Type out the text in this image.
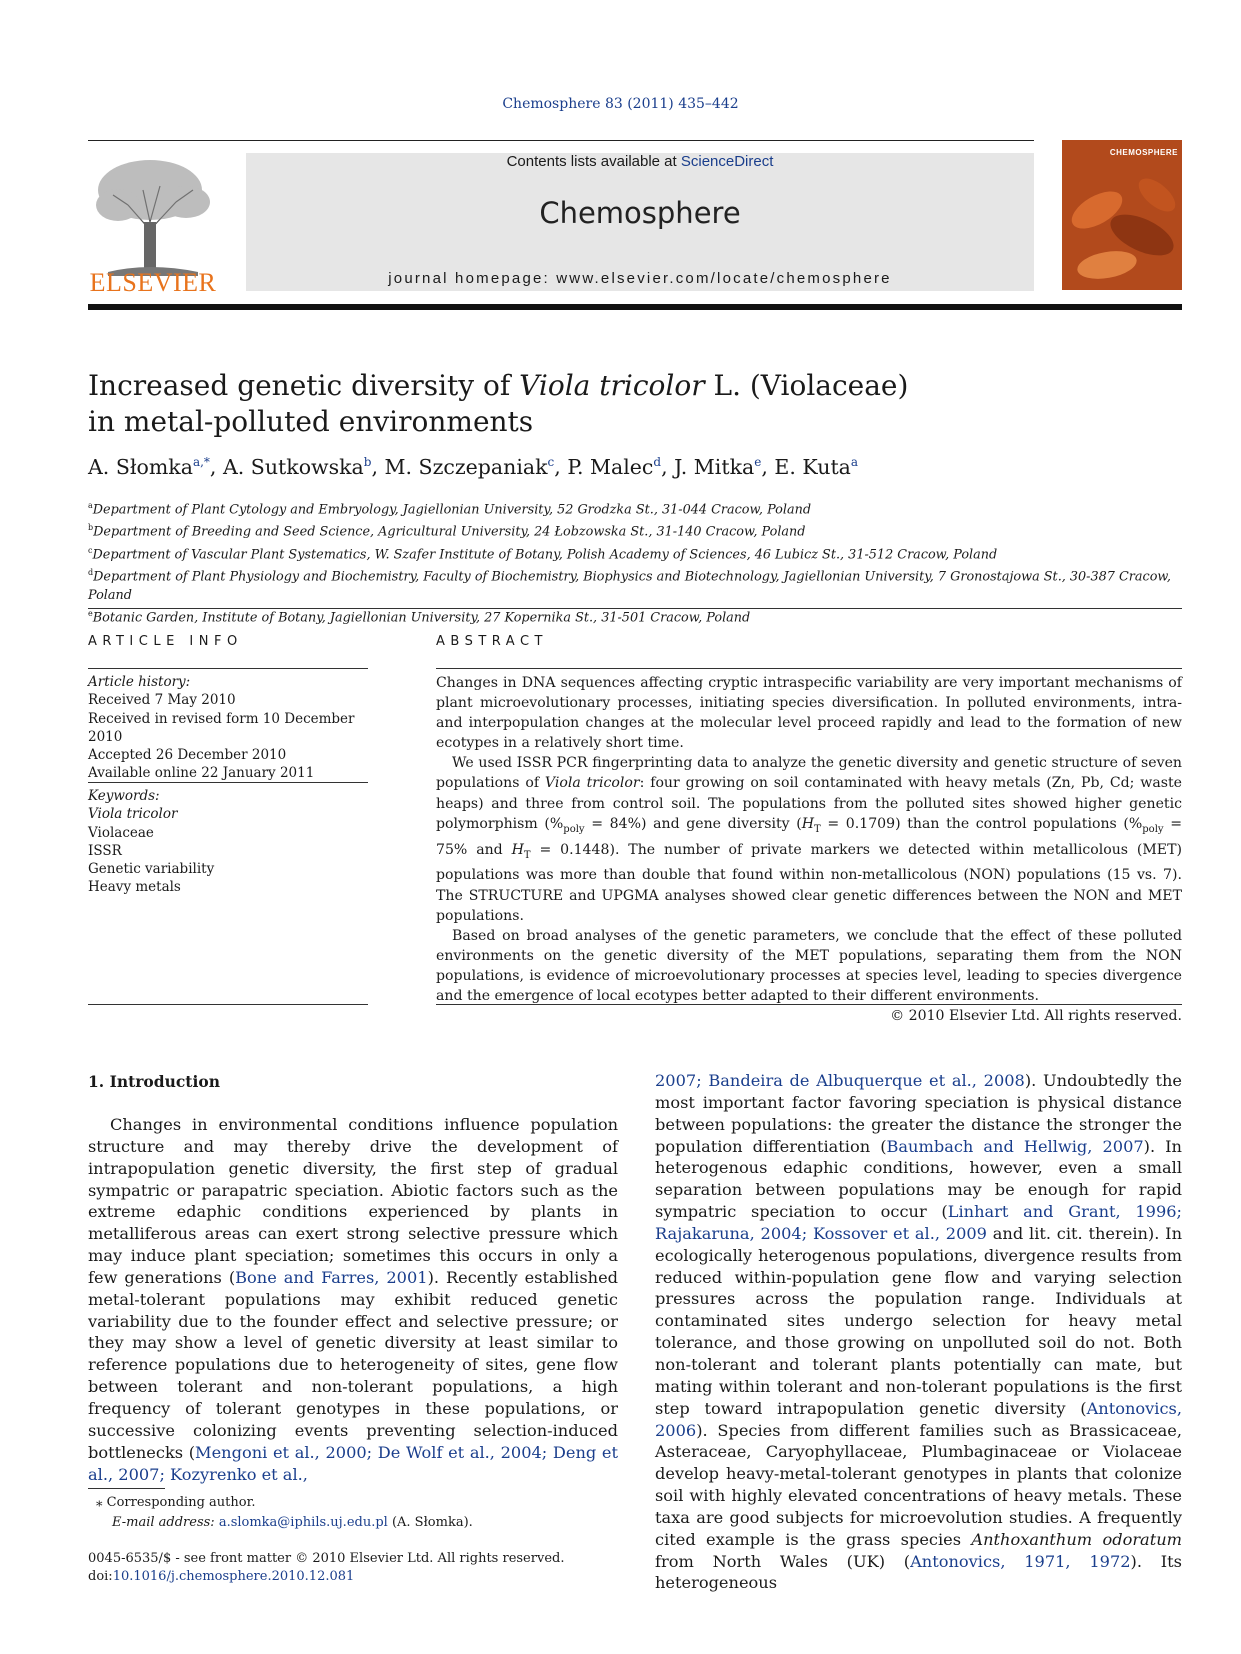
Chemosphere 83 (2011) 435–442
ELSEVIER
Contents lists available at ScienceDirect
Chemosphere
journal homepage: www.elsevier.com/locate/chemosphere
CHEMOSPHERE
Increased genetic diversity of Viola tricolor L. (Violaceae)
in metal-polluted environments
A. Słomka$^{a,*}$, A. Sutkowska$^b$, M. Szczepaniak$^c$, P. Malec$^d$, J. Mitka$^e$, E. Kuta$^a$
$^a$Department of Plant Cytology and Embryology, Jagiellonian University, 52 Grodzka St., 31-044 Cracow, Poland
$^b$Department of Breeding and Seed Science, Agricultural University, 24 Łobzowska St., 31-140 Cracow, Poland
$^c$Department of Vascular Plant Systematics, W. Szafer Institute of Botany, Polish Academy of Sciences, 46 Lubicz St., 31-512 Cracow, Poland
$^d$Department of Plant Physiology and Biochemistry, Faculty of Biochemistry, Biophysics and Biotechnology, Jagiellonian University, 7 Gronostajowa St., 30-387 Cracow, Poland
$^e$Botanic Garden, Institute of Botany, Jagiellonian University, 27 Kopernika St., 31-501 Cracow, Poland
ARTICLE INFO
Article history:
Received 7 May 2010
Received in revised form 10 December 2010
Accepted 26 December 2010
Available online 22 January 2011
Keywords:
Viola tricolor
Violaceae
ISSR
Genetic variability
Heavy metals
ABSTRACT

Changes in DNA sequences affecting cryptic intraspecific variability are very important mechanisms of plant microevolutionary processes, initiating species diversification. In polluted environments, intra- and interpopulation changes at the molecular level proceed rapidly and lead to the formation of new ecotypes in a relatively short time.

We used ISSR PCR fingerprinting data to analyze the genetic diversity and genetic structure of seven populations of Viola tricolor: four growing on soil contaminated with heavy metals (Zn, Pb, Cd; waste heaps) and three from control soil. The populations from the polluted sites showed higher genetic polymorphism $(\%_{poly} = 84\%)$ and gene diversity $(H_T = 0.1709)$ than the control populations ($\%_{poly} = 75\%$ and $H_T = 0.1448$). The number of private markers we detected within metallicolous (MET) populations was more than double that found within non-metallicolous (NON) populations (15 vs. 7). The STRUCTURE and UPGMA analyses showed clear genetic differences between the NON and MET populations.

Based on broad analyses of the genetic parameters, we conclude that the effect of these polluted environments on the genetic diversity of the MET populations, separating them from the NON populations, is evidence of microevolutionary processes at species level, leading to species divergence and the emergence of local ecotypes better adapted to their different environments.

© 2010 Elsevier Ltd. All rights reserved.

1. Introduction

Changes in environmental conditions influence population structure and may thereby drive the development of intrapopulation genetic diversity, the first step of gradual sympatric or parapatric speciation. Abiotic factors such as the extreme edaphic conditions experienced by plants in metalliferous areas can exert strong selective pressure which may induce plant speciation; sometimes this occurs in only a few generations (Bone and Farres, 2001). Recently established metal-tolerant populations may exhibit reduced genetic variability due to the founder effect and selective pressure; or they may show a level of genetic diversity at least similar to reference populations due to heterogeneity of sites, gene flow between tolerant and non-tolerant populations, a high frequency of tolerant genotypes in these populations, or successive colonizing events preventing selection-induced bottlenecks (Mengoni et al., 2000; De Wolf et al., 2004; Deng et al., 2007; Kozyrenko et al.,

2007; Bandeira de Albuquerque et al., 2008). Undoubtedly the most important factor favoring speciation is physical distance between populations: the greater the distance the stronger the population differentiation (Baumbach and Hellwig, 2007). In heterogenous edaphic conditions, however, even a small separation between populations may be enough for rapid sympatric speciation to occur (Linhart and Grant, 1996; Rajakaruna, 2004; Kossover et al., 2009 and lit. cit. therein). In ecologically heterogenous populations, divergence results from reduced within-population gene flow and varying selection pressures across the population range. Individuals at contaminated sites undergo selection for heavy metal tolerance, and those growing on unpolluted soil do not. Both non-tolerant and tolerant plants potentially can mate, but mating within tolerant and non-tolerant populations is the first step toward intrapopulation genetic diversity (Antonovics, 2006). Species from different families such as Brassicaceae, Asteraceae, Caryophyllaceae, Plumbaginaceae or Violaceae develop heavy-metal-tolerant genotypes in plants that colonize soil with highly elevated concentrations of heavy metals. These taxa are good subjects for microevolution studies. A frequently cited example is the grass species Anthoxanthum odoratum from North Wales (UK) (Antonovics, 1971, 1972). Its heterogeneous

⁎ Corresponding author.
E-mail address: a.slomka@iphils.uj.edu.pl (A. Słomka).
0045-6535/$ - see front matter © 2010 Elsevier Ltd. All rights reserved.
doi:10.1016/j.chemosphere.2010.12.081
